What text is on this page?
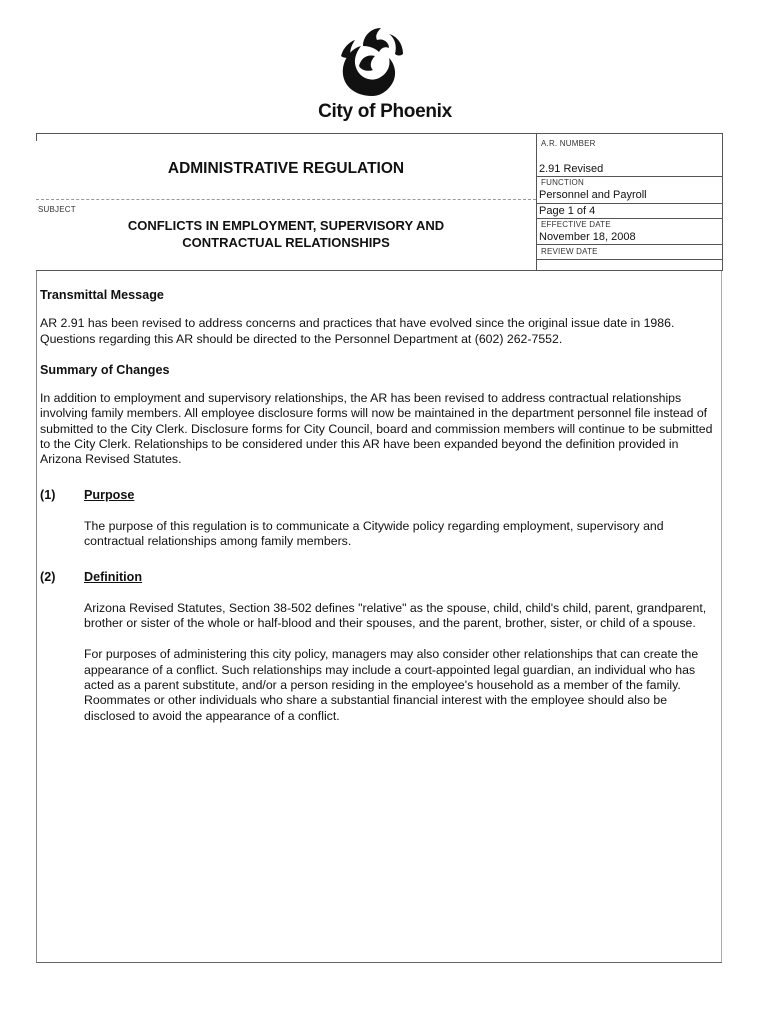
City of Phoenix
ADMINISTRATIVE REGULATION
SUBJECT
CONFLICTS IN EMPLOYMENT, SUPERVISORY AND
CONTRACTUAL RELATIONSHIPS
A.R. NUMBER
2.91 Revised
FUNCTION
Personnel and Payroll
Page 1 of 4
EFFECTIVE DATE
November 18, 2008
REVIEW DATE

Transmittal Message

AR 2.91 has been revised to address concerns and practices that have evolved since the original issue date in 1986. Questions regarding this AR should be directed to the Personnel Department at (602) 262-7552.

Summary of Changes

In addition to employment and supervisory relationships, the AR has been revised to address contractual relationships involving family members. All employee disclosure forms will now be maintained in the department personnel file instead of submitted to the City Clerk. Disclosure forms for City Council, board and commission members will continue to be submitted to the City Clerk. Relationships to be considered under this AR have been expanded beyond the definition provided in Arizona Revised Statutes.

(1)	Purpose

The purpose of this regulation is to communicate a Citywide policy regarding employment, supervisory and contractual relationships among family members.

(2)	Definition

Arizona Revised Statutes, Section 38-502 defines "relative" as the spouse, child, child's child, parent, grandparent, brother or sister of the whole or half-blood and their spouses, and the parent, brother, sister, or child of a spouse.

For purposes of administering this city policy, managers may also consider other relationships that can create the appearance of a conflict. Such relationships may include a court-appointed legal guardian, an individual who has acted as a parent substitute, and/or a person residing in the employee's household as a member of the family. Roommates or other individuals who share a substantial financial interest with the employee should also be disclosed to avoid the appearance of a conflict.
